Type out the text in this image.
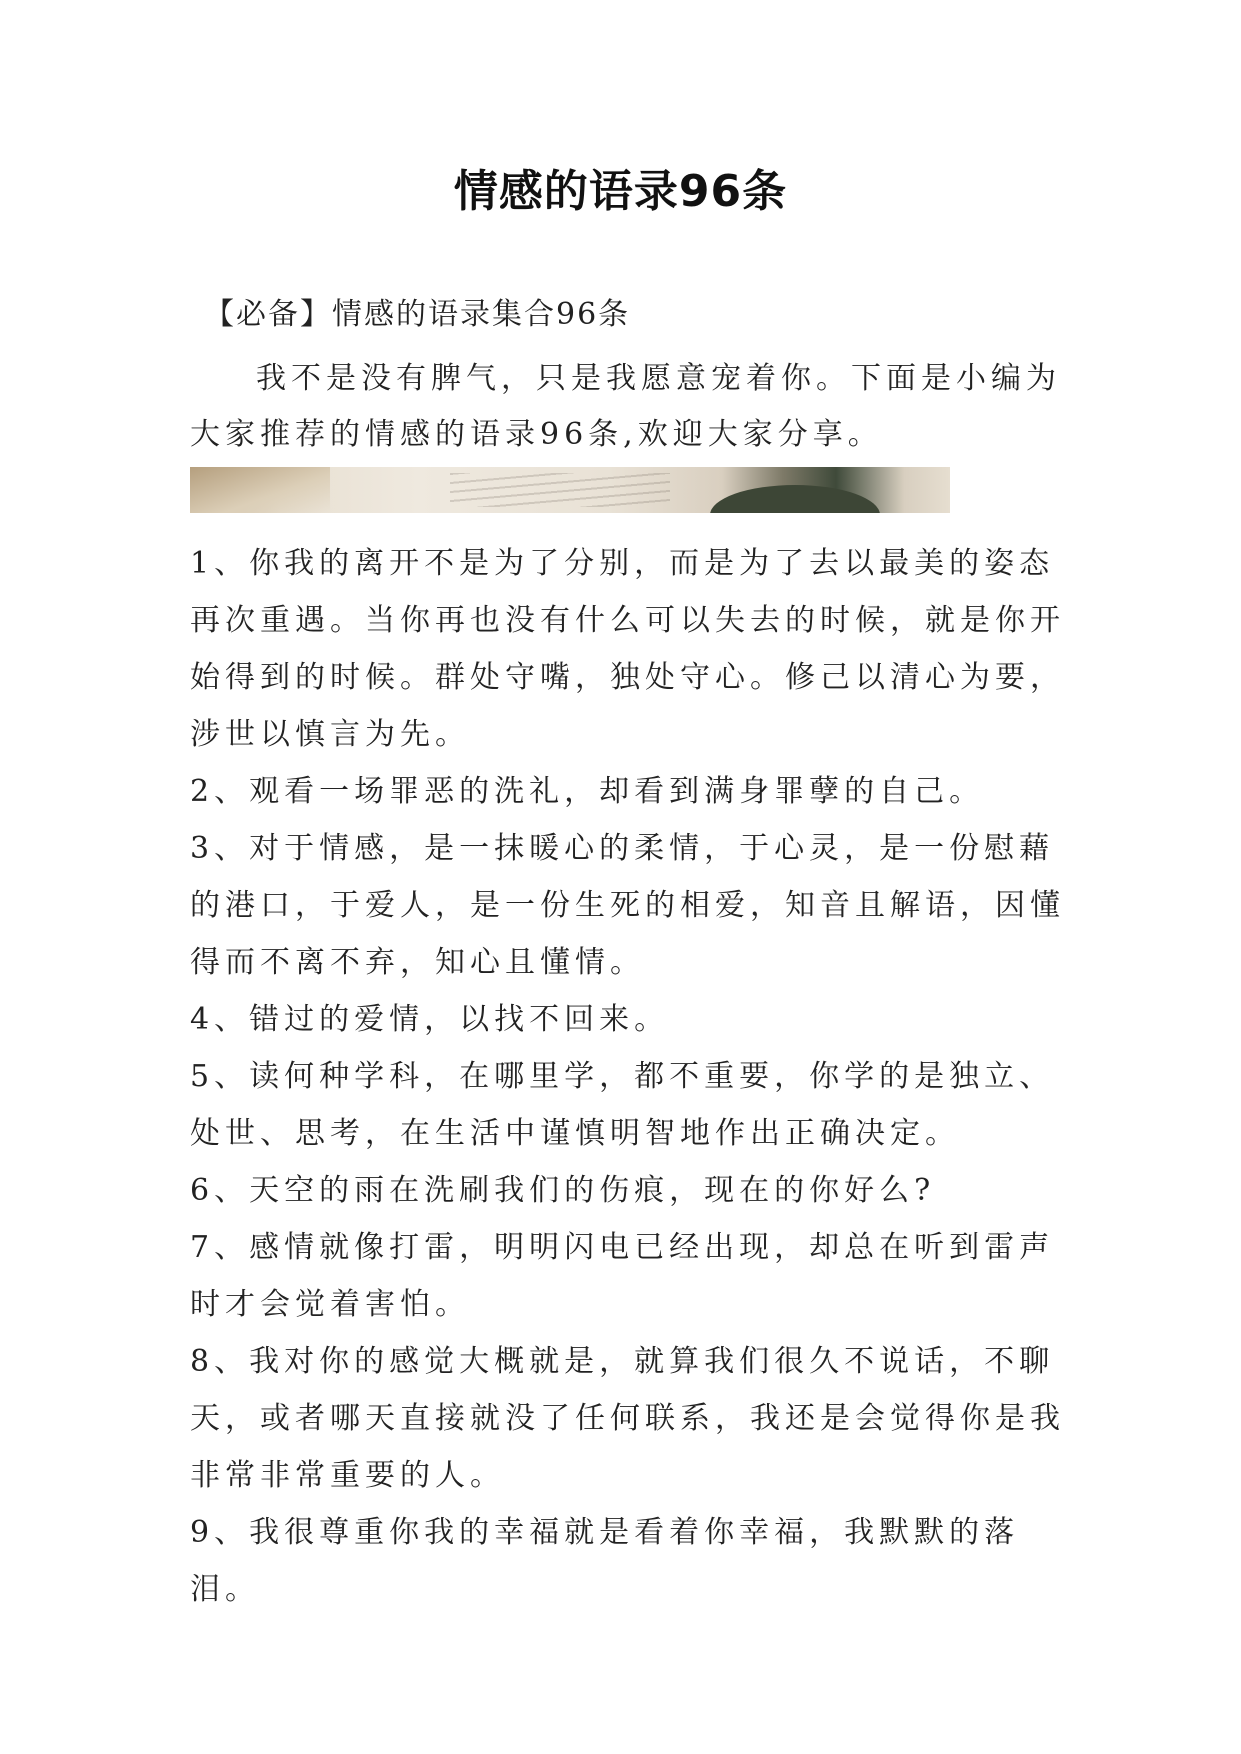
情感的语录96条
【必备】情感的语录集合96条

我不是没有脾气，只是我愿意宠着你。下面是小编为大家推荐的情感的语录96条,欢迎大家分享。

1、你我的离开不是为了分别，而是为了去以最美的姿态再次重遇。当你再也没有什么可以失去的时候，就是你开始得到的时候。群处守嘴，独处守心。修己以清心为要，涉世以慎言为先。

2、观看一场罪恶的洗礼，却看到满身罪孽的自己。

3、对于情感，是一抹暖心的柔情，于心灵，是一份慰藉的港口，于爱人，是一份生死的相爱，知音且解语，因懂得而不离不弃，知心且懂情。

4、错过的爱情，以找不回来。

5、读何种学科，在哪里学，都不重要，你学的是独立、处世、思考，在生活中谨慎明智地作出正确决定。

6、天空的雨在洗刷我们的伤痕，现在的你好么?

7、感情就像打雷，明明闪电已经出现，却总在听到雷声时才会觉着害怕。

8、我对你的感觉大概就是，就算我们很久不说话，不聊天，或者哪天直接就没了任何联系，我还是会觉得你是我非常非常重要的人。

9、我很尊重你我的幸福就是看着你幸福，我默默的落泪。
